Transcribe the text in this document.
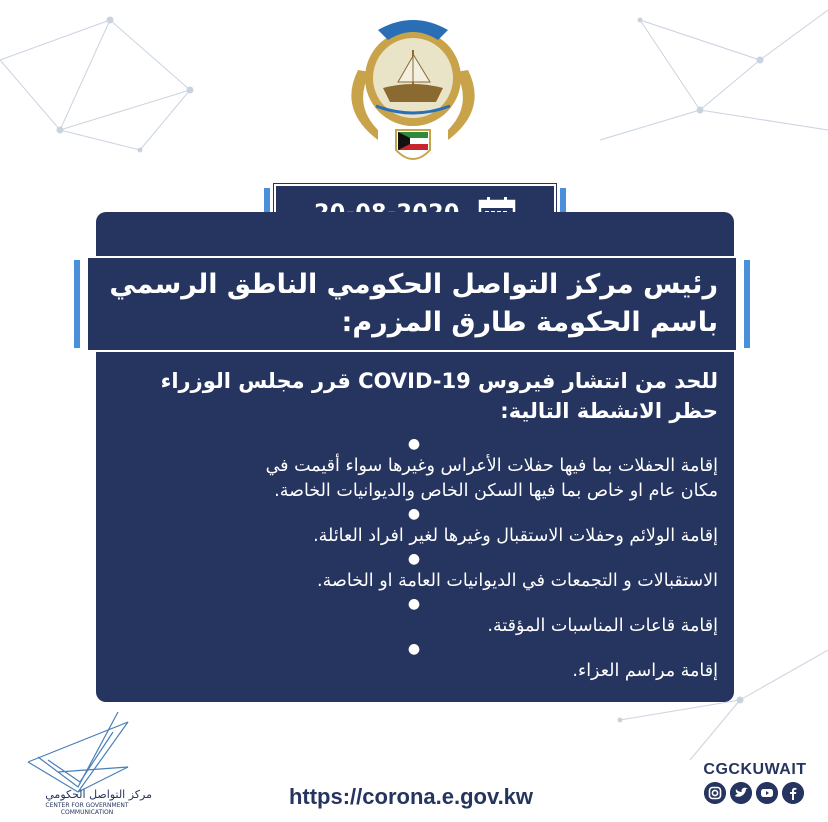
رئيس مركز التواصل الحكومي الناطق الرسمي
باسم الحكومة طارق المزرم:
للحد من انتشار فيروس COVID-19 قرر مجلس الوزراء
حظر الانشطة التالية:

●

إقامة الحفلات بما فيها حفلات الأعراس وغيرها سواء أقيمت في
مكان عام او خاص بما فيها السكن الخاص والديوانيات الخاصة.

●

إقامة الولائم وحفلات الاستقبال وغيرها لغير افراد العائلة.

●

الاستقبالات و التجمعات في الديوانيات العامة او الخاصة.

●

إقامة قاعات المناسبات المؤقتة.

●

إقامة مراسم العزاء.
مركز التواصل الحكومي
CENTER FOR GOVERNMENT COMMUNICATION
https://corona.e.gov.kw
CGCKUWAIT
